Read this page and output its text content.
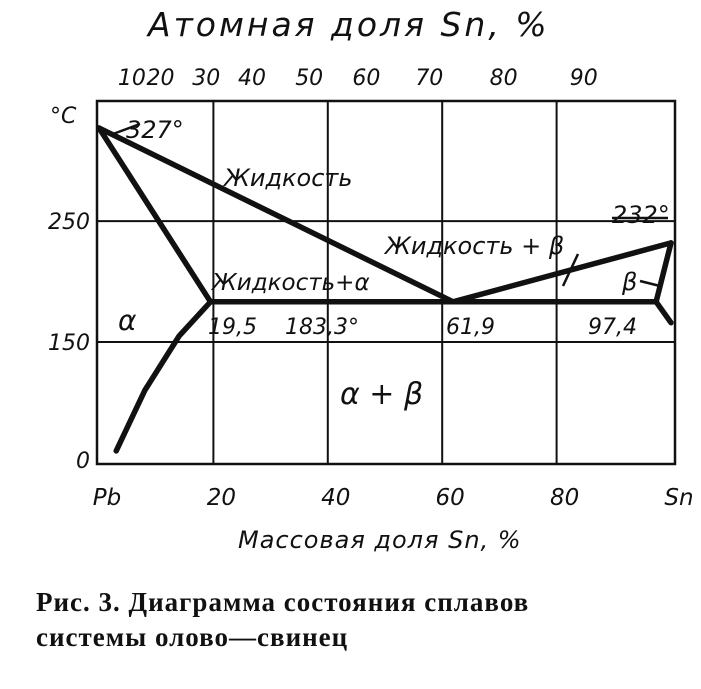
Атомная доля Sn, %
10 20 30 40 50 60 70 80 90
°C
250
150
0
Pb	20	40	60	80	Sn
Массовая доля Sn, %
327°
232°
19,5 183,3°	61,9	97,4
Жидкость
Жидкость + β
Жидкость+α
α
β
α + β
Рис. 3. Диаграмма состояния сплавов
системы олово—свинец
